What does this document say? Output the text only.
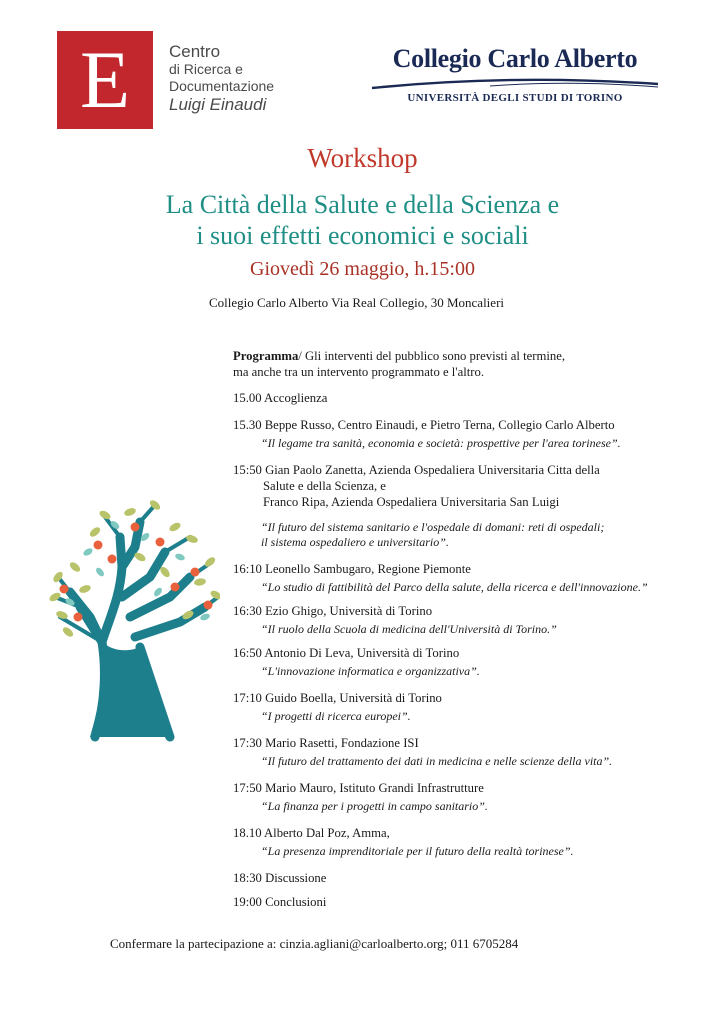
E	Centro
di Ricerca e
Documentazione
Luigi Einaudi
Collegio Carlo Alberto
UNIVERSITÀ DEGLI STUDI DI TORINO
Workshop
La Città della Salute e della Scienza e
i suoi effetti economici e sociali
Giovedì 26 maggio, h.15:00
Collegio Carlo Alberto Via Real Collegio, 30 Moncalieri
Programma/ Gli interventi del pubblico sono previsti al termine,
ma anche tra un intervento programmato e l'altro.
15.00 Accoglienza
15.30 Beppe Russo, Centro Einaudi, e Pietro Terna, Collegio Carlo Alberto
“Il legame tra sanità, economia e società: prospettive per l'area torinese”.
15:50 Gian Paolo Zanetta, Azienda Ospedaliera Universitaria Citta della
Salute e della Scienza, e
Franco Ripa, Azienda Ospedaliera Universitaria San Luigi
“Il futuro del sistema sanitario e l'ospedale di domani: reti di ospedali;
il sistema ospedaliero e universitario”.
16:10 Leonello Sambugaro, Regione Piemonte
“Lo studio di fattibilità del Parco della salute, della ricerca e dell'innovazione.”
16:30 Ezio Ghigo, Università di Torino
“Il ruolo della Scuola di medicina dell'Università di Torino.”
16:50 Antonio Di Leva, Università di Torino
“L'innovazione informatica e organizzativa”.
17:10 Guido Boella, Università di Torino
“I progetti di ricerca europei”.
17:30 Mario Rasetti, Fondazione ISI
“Il futuro del trattamento dei dati in medicina e nelle scienze della vita”.
17:50 Mario Mauro, Istituto Grandi Infrastrutture
“La finanza per i progetti in campo sanitario”.
18.10 Alberto Dal Poz, Amma,
“La presenza imprenditoriale per il futuro della realtà torinese”.
18:30 Discussione
19:00 Conclusioni
Confermare la partecipazione a: cinzia.agliani@carloalberto.org; 011 6705284
